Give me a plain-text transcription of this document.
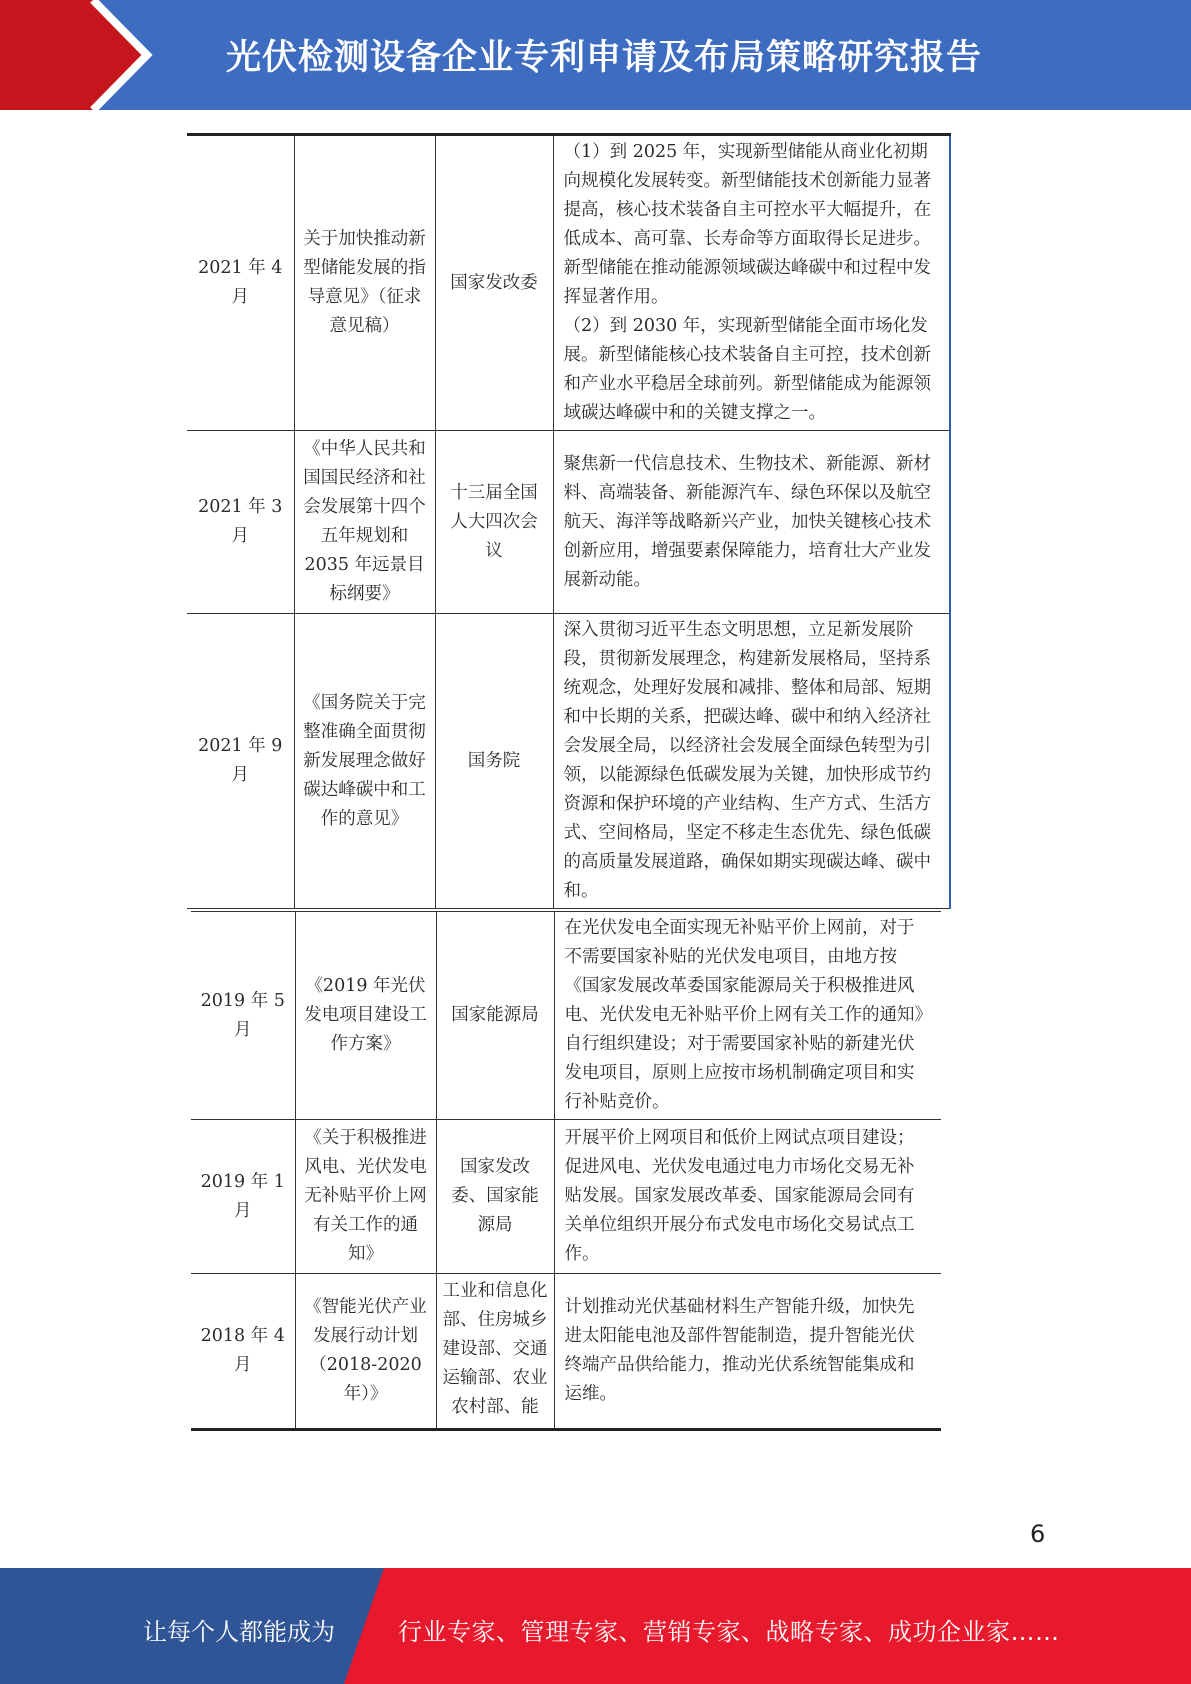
光伏检测设备企业专利申请及布局策略研究报告
2021 年 4 月	关于加快推动新型储能发展的指导意见》（征求意见稿）	国家发改委	（1）到 2025 年，实现新型储能从商业化初期向规模化发展转变。新型储能技术创新能力显著提高，核心技术装备自主可控水平大幅提升，在低成本、高可靠、长寿命等方面取得长足进步。新型储能在推动能源领域碳达峰碳中和过程中发挥显著作用。
（2）到 2030 年，实现新型储能全面市场化发展。新型储能核心技术装备自主可控，技术创新和产业水平稳居全球前列。新型储能成为能源领域碳达峰碳中和的关键支撑之一。

2021 年 3 月	《中华人民共和国国民经济和社会发展第十四个五年规划和 2035 年远景目标纲要》	十三届全国人大四次会议	聚焦新一代信息技术、生物技术、新能源、新材料、高端装备、新能源汽车、绿色环保以及航空航天、海洋等战略新兴产业，加快关键核心技术创新应用，增强要素保障能力，培育壮大产业发展新动能。
2021 年 9 月	《国务院关于完整准确全面贯彻新发展理念做好碳达峰碳中和工作的意见》	国务院	深入贯彻习近平生态文明思想，立足新发展阶段，贯彻新发展理念，构建新发展格局，坚持系统观念，处理好发展和减排、整体和局部、短期和中长期的关系，把碳达峰、碳中和纳入经济社会发展全局，以经济社会发展全面绿色转型为引领，以能源绿色低碳发展为关键，加快形成节约资源和保护环境的产业结构、生产方式、生活方式、空间格局，坚定不移走生态优先、绿色低碳的高质量发展道路，确保如期实现碳达峰、碳中和。
2019 年 5 月	《2019 年光伏发电项目建设工作方案》	国家能源局	在光伏发电全面实现无补贴平价上网前，对于不需要国家补贴的光伏发电项目，由地方按《国家发展改革委国家能源局关于积极推进风电、光伏发电无补贴平价上网有关工作的通知》自行组织建设；对于需要国家补贴的新建光伏发电项目，原则上应按市场机制确定项目和实行补贴竞价。
2019 年 1 月	《关于积极推进风电、光伏发电无补贴平价上网有关工作的通知》	国家发改委、国家能源局	开展平价上网项目和低价上网试点项目建设；促进风电、光伏发电通过电力市场化交易无补贴发展。国家发展改革委、国家能源局会同有关单位组织开展分布式发电市场化交易试点工作。
2018 年 4 月	《智能光伏产业发展行动计划（2018-2020 年）》	工业和信息化部、住房城乡建设部、交通运输部、农业农村部、能	计划推动光伏基础材料生产智能升级，加快先进太阳能电池及部件智能制造，提升智能光伏终端产品供给能力，推动光伏系统智能集成和运维。
6
让每个人都能成为	行业专家、管理专家、营销专家、战略专家、成功企业家……
